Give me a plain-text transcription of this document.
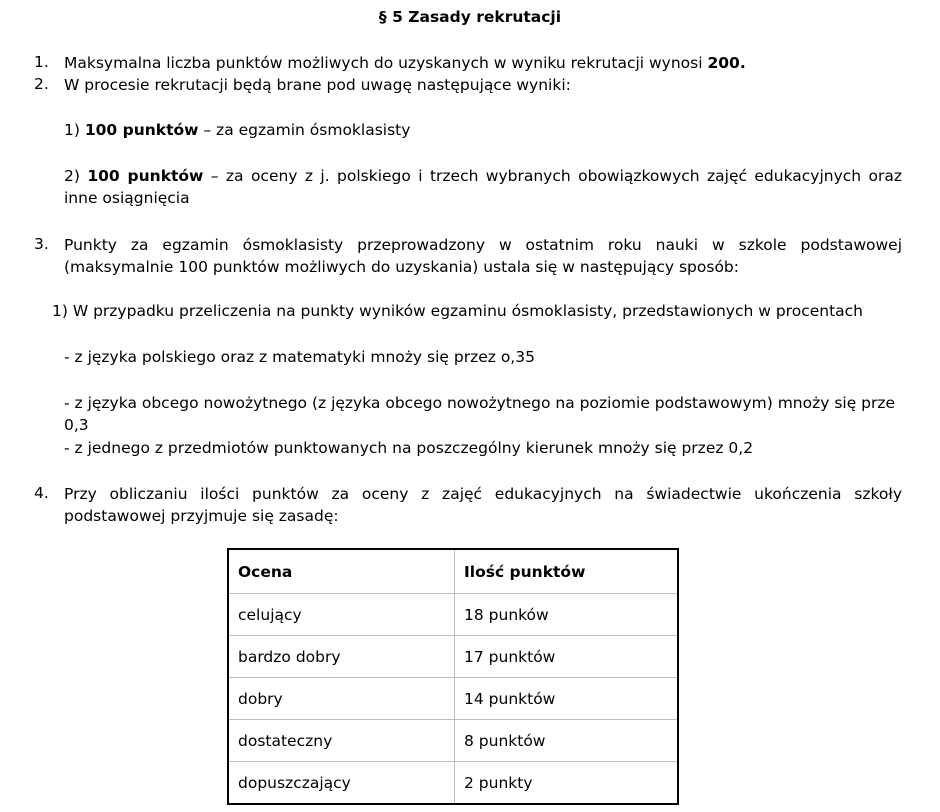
§ 5 Zasady rekrutacji
1. Maksymalna liczba punktów możliwych do uzyskanych w wyniku rekrutacji wynosi 200.
2. W procesie rekrutacji będą brane pod uwagę następujące wyniki:
1) 100 punktów – za egzamin ósmoklasisty
2) 100 punktów – za oceny z j. polskiego i trzech wybranych obowiązkowych zajęć edukacyjnych oraz inne osiągnięcia
3. Punkty za egzamin ósmoklasisty przeprowadzony w ostatnim roku nauki w szkole podstawowej (maksymalnie 100 punktów możliwych do uzyskania) ustala się w następujący sposób:
1) W przypadku przeliczenia na punkty wyników egzaminu ósmoklasisty, przedstawionych w procentach
- z języka polskiego oraz z matematyki mnoży się przez o,35
- z języka obcego nowożytnego (z języka obcego nowożytnego na poziomie podstawowym) mnoży się prze 0,3
- z jednego z przedmiotów punktowanych na poszczególny kierunek mnoży się przez 0,2
4. Przy obliczaniu ilości punktów za oceny z zajęć edukacyjnych na świadectwie ukończenia szkoły podstawowej przyjmuje się zasadę:
Ocena	Ilość punktów
celujący	18 punków
bardzo dobry	17 punktów
dobry	14 punktów
dostateczny	8 punktów
dopuszczający	2 punkty
